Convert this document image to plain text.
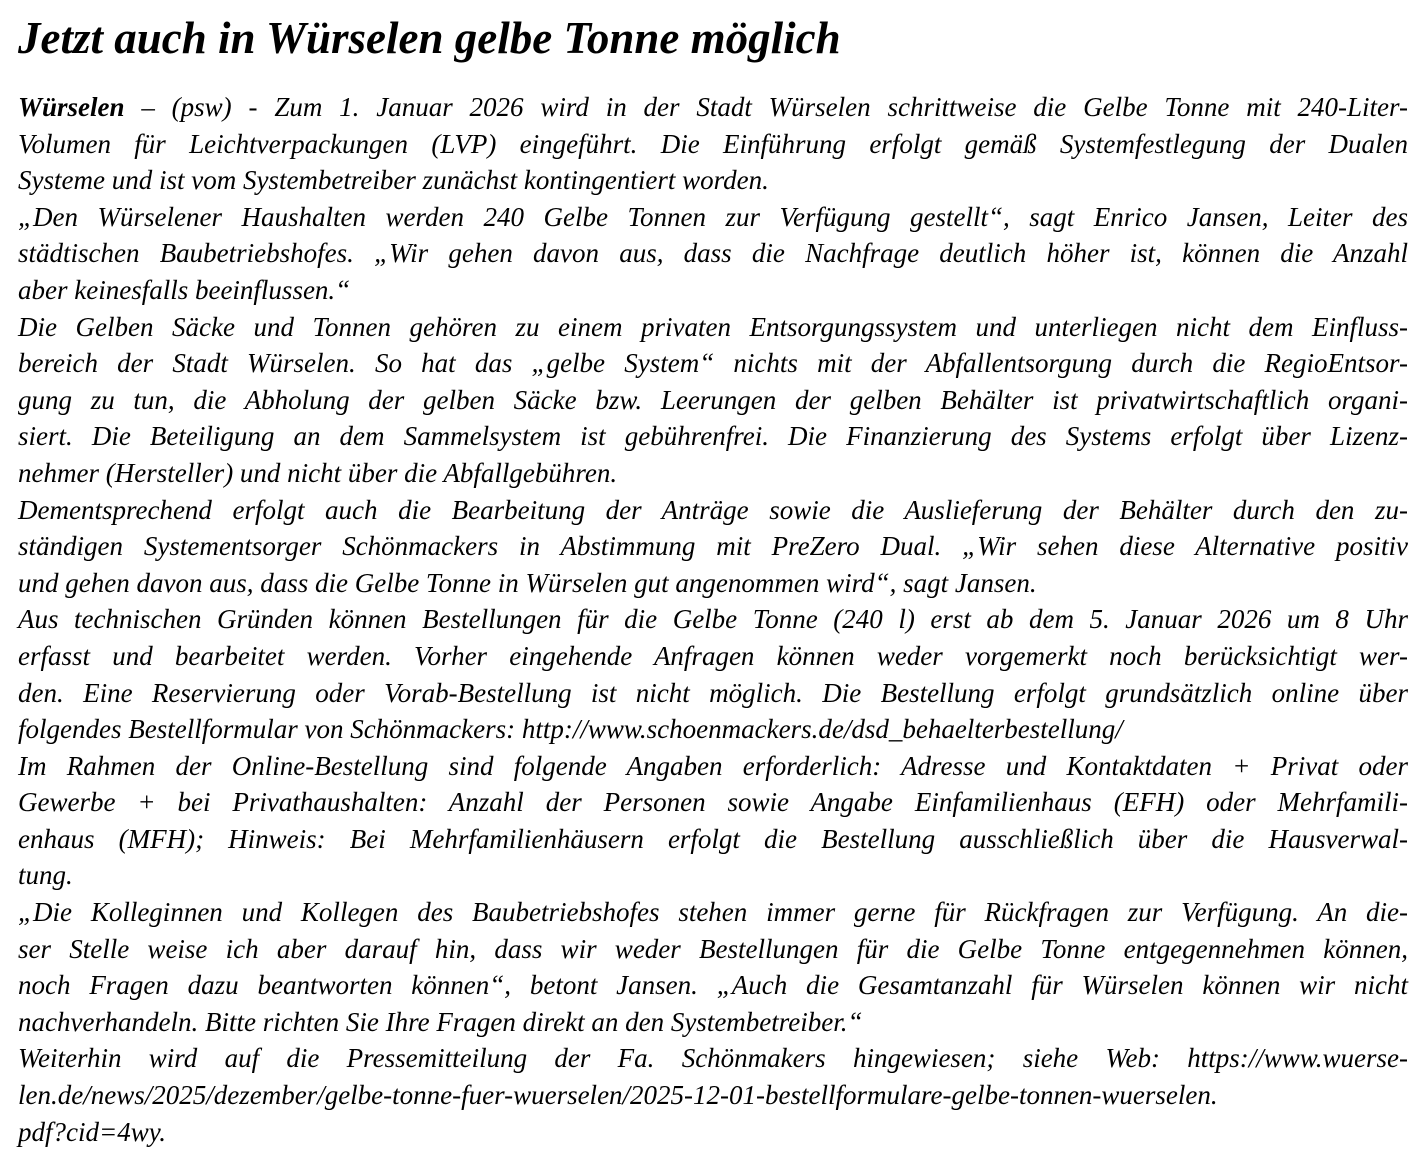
Jetzt auch in Würselen gelbe Tonne möglich
Würselen – (psw) - Zum 1. Januar 2026 wird in der Stadt Würselen schrittweise die Gelbe Tonne mit 240-Liter-
Volumen für Leichtverpackungen (LVP) eingeführt. Die Einführung erfolgt gemäß Systemfestlegung der Dualen
Systeme und ist vom Systembetreiber zunächst kontingentiert worden.
„Den Würselener Haushalten werden 240 Gelbe Tonnen zur Verfügung gestellt“, sagt Enrico Jansen, Leiter des
städtischen Baubetriebshofes. „Wir gehen davon aus, dass die Nachfrage deutlich höher ist, können die Anzahl
aber keinesfalls beeinflussen.“
Die Gelben Säcke und Tonnen gehören zu einem privaten Entsorgungssystem und unterliegen nicht dem Einfluss-
bereich der Stadt Würselen. So hat das „gelbe System“ nichts mit der Abfallentsorgung durch die RegioEntsor-
gung zu tun, die Abholung der gelben Säcke bzw. Leerungen der gelben Behälter ist privatwirtschaftlich organi-
siert. Die Beteiligung an dem Sammelsystem ist gebührenfrei. Die Finanzierung des Systems erfolgt über Lizenz-
nehmer (Hersteller) und nicht über die Abfallgebühren.
Dementsprechend erfolgt auch die Bearbeitung der Anträge sowie die Auslieferung der Behälter durch den zu-
ständigen Systementsorger Schönmackers in Abstimmung mit PreZero Dual. „Wir sehen diese Alternative positiv
und gehen davon aus, dass die Gelbe Tonne in Würselen gut angenommen wird“, sagt Jansen.
Aus technischen Gründen können Bestellungen für die Gelbe Tonne (240 l) erst ab dem 5. Januar 2026 um 8 Uhr
erfasst und bearbeitet werden. Vorher eingehende Anfragen können weder vorgemerkt noch berücksichtigt wer-
den. Eine Reservierung oder Vorab-Bestellung ist nicht möglich. Die Bestellung erfolgt grundsätzlich online über
folgendes Bestellformular von Schönmackers: http://www.schoenmackers.de/dsd_behaelterbestellung/
Im Rahmen der Online-Bestellung sind folgende Angaben erforderlich: Adresse und Kontaktdaten + Privat oder
Gewerbe + bei Privathaushalten: Anzahl der Personen sowie Angabe Einfamilienhaus (EFH) oder Mehrfamili-
enhaus (MFH); Hinweis: Bei Mehrfamilienhäusern erfolgt die Bestellung ausschließlich über die Hausverwal-
tung.
„Die Kolleginnen und Kollegen des Baubetriebshofes stehen immer gerne für Rückfragen zur Verfügung. An die-
ser Stelle weise ich aber darauf hin, dass wir weder Bestellungen für die Gelbe Tonne entgegennehmen können,
noch Fragen dazu beantworten können“, betont Jansen. „Auch die Gesamtanzahl für Würselen können wir nicht
nachverhandeln. Bitte richten Sie Ihre Fragen direkt an den Systembetreiber.“
Weiterhin wird auf die Pressemitteilung der Fa. Schönmakers hingewiesen; siehe Web: https://www.wuerse-
len.de/news/2025/dezember/gelbe-tonne-fuer-wuerselen/2025-12-01-bestellformulare-gelbe-tonnen-wuerselen.
pdf?cid=4wy.
